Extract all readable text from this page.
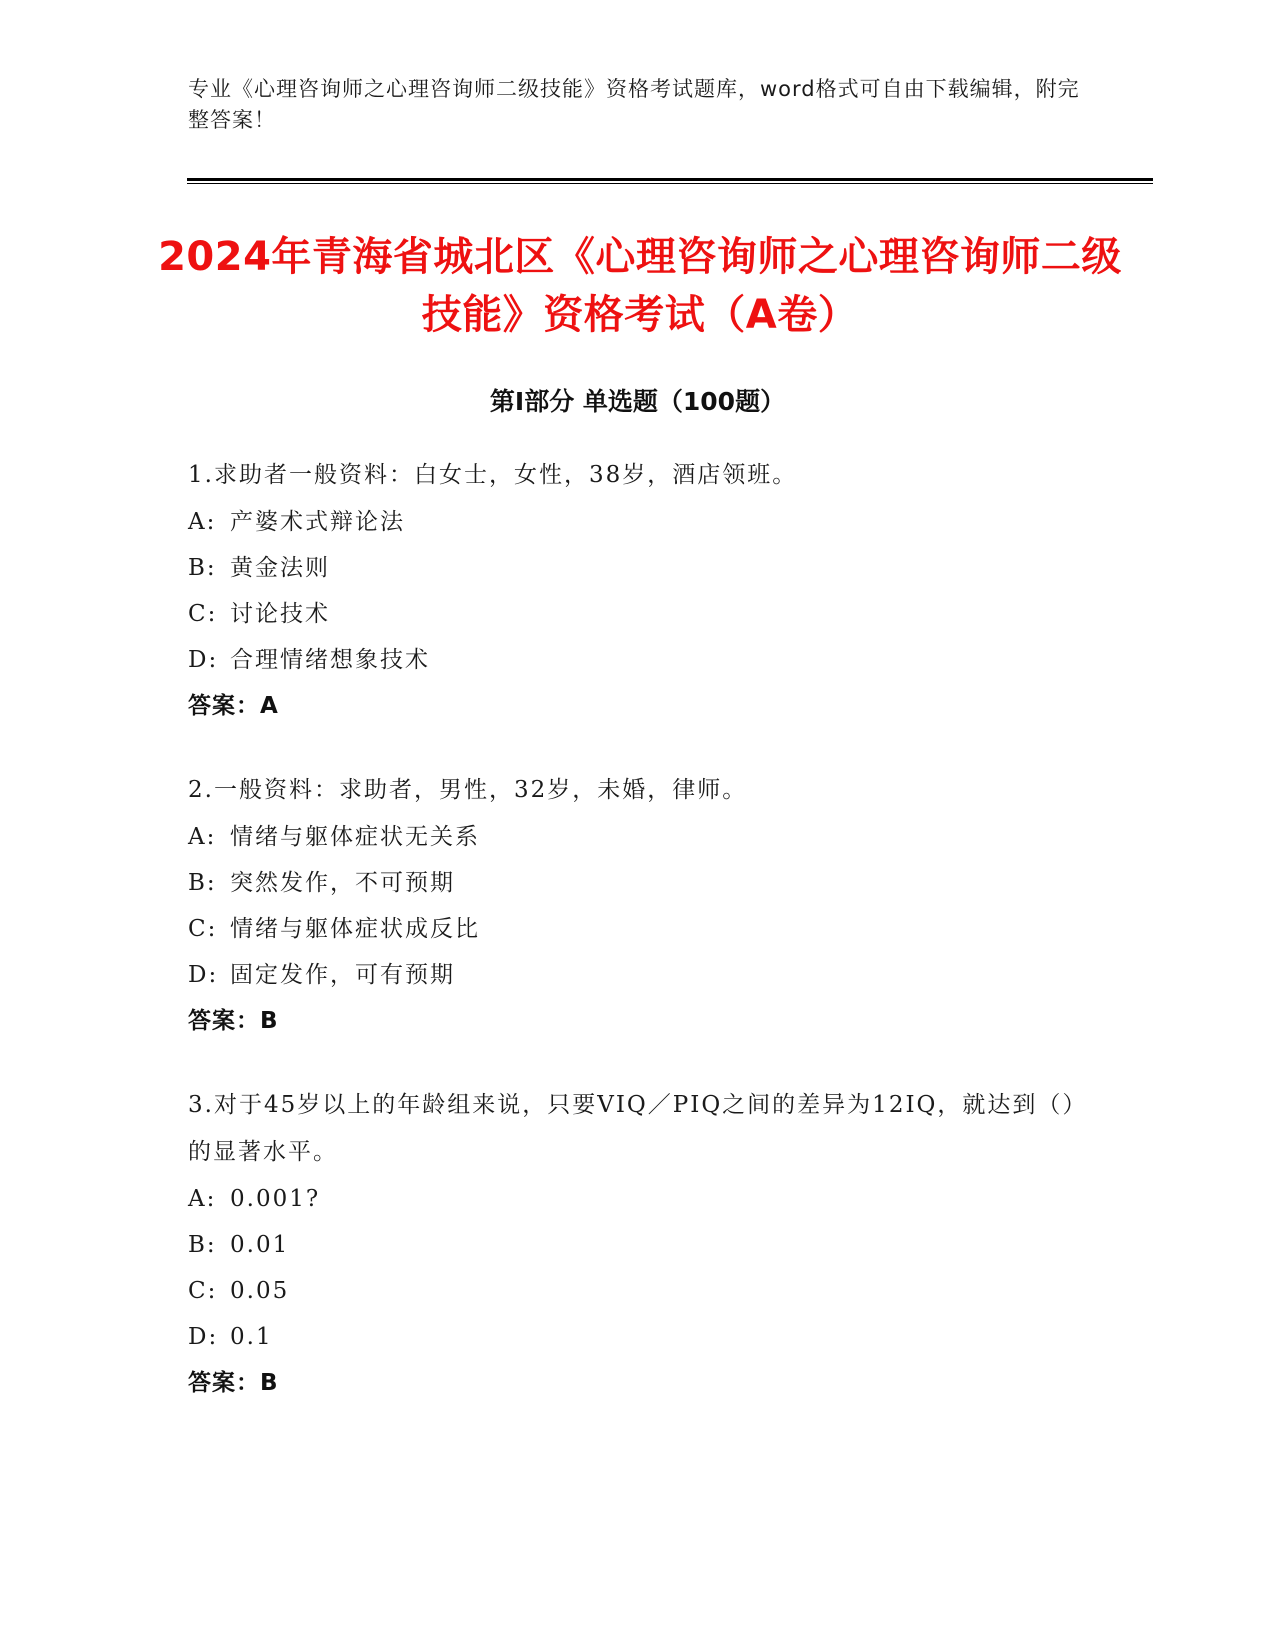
专业《心理咨询师之心理咨询师二级技能》资格考试题库，word格式可自由下载编辑，附完整答案！
2024年青海省城北区《心理咨询师之心理咨询师二级技能》资格考试（A卷）
第Ⅰ部分 单选题（100题）
1.求助者一般资料：白女士，女性，38岁，酒店领班。
A: 产婆术式辩论法
B: 黄金法则
C: 讨论技术
D: 合理情绪想象技术
答案：A
2.一般资料：求助者，男性，32岁，未婚，律师。
A: 情绪与躯体症状无关系
B: 突然发作，不可预期
C: 情绪与躯体症状成反比
D: 固定发作，可有预期
答案：B
3.对于45岁以上的年龄组来说，只要VIQ／PIQ之间的差异为12IQ，就达到（）的显著水平。
A: 0.001?
B: 0.01
C: 0.05
D: 0.1
答案：B
